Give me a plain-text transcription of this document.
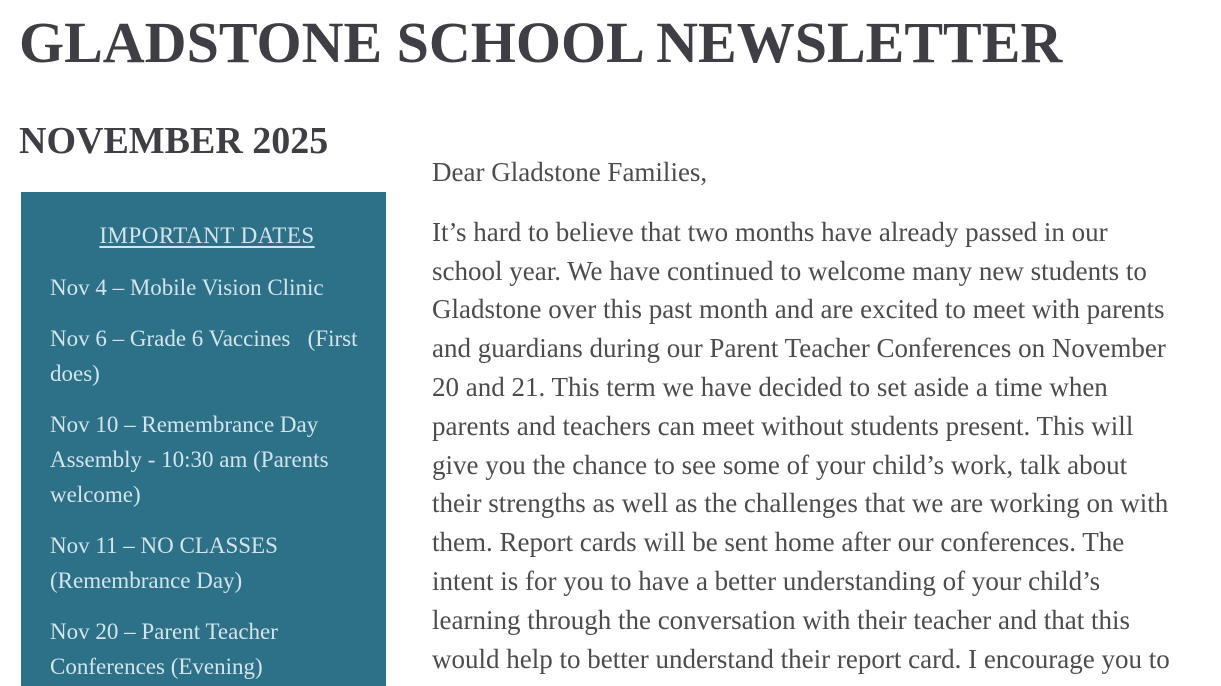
GLADSTONE SCHOOL NEWSLETTER
NOVEMBER 2025
IMPORTANT DATES

Nov 4 – Mobile Vision Clinic

Nov 6 – Grade 6 Vaccines   (First does)

Nov 10 – Remembrance Day Assembly - 10:30 am (Parents welcome)

Nov 11 – NO CLASSES (Remembrance Day)

Nov 20 – Parent Teacher Conferences (Evening)

Dear Gladstone Families,

It’s hard to believe that two months have already passed in our school year. We have continued to welcome many new students to Gladstone over this past month and are excited to meet with parents and guardians during our Parent Teacher Conferences on November 20 and 21. This term we have decided to set aside a time when parents and teachers can meet without students present. This will give you the chance to see some of your child’s work, talk about their strengths as well as the challenges that we are working on with them. Report cards will be sent home after our conferences. The intent is for you to have a better understanding of your child’s learning through the conversation with their teacher and that this would help to better understand their report card. I encourage you to
